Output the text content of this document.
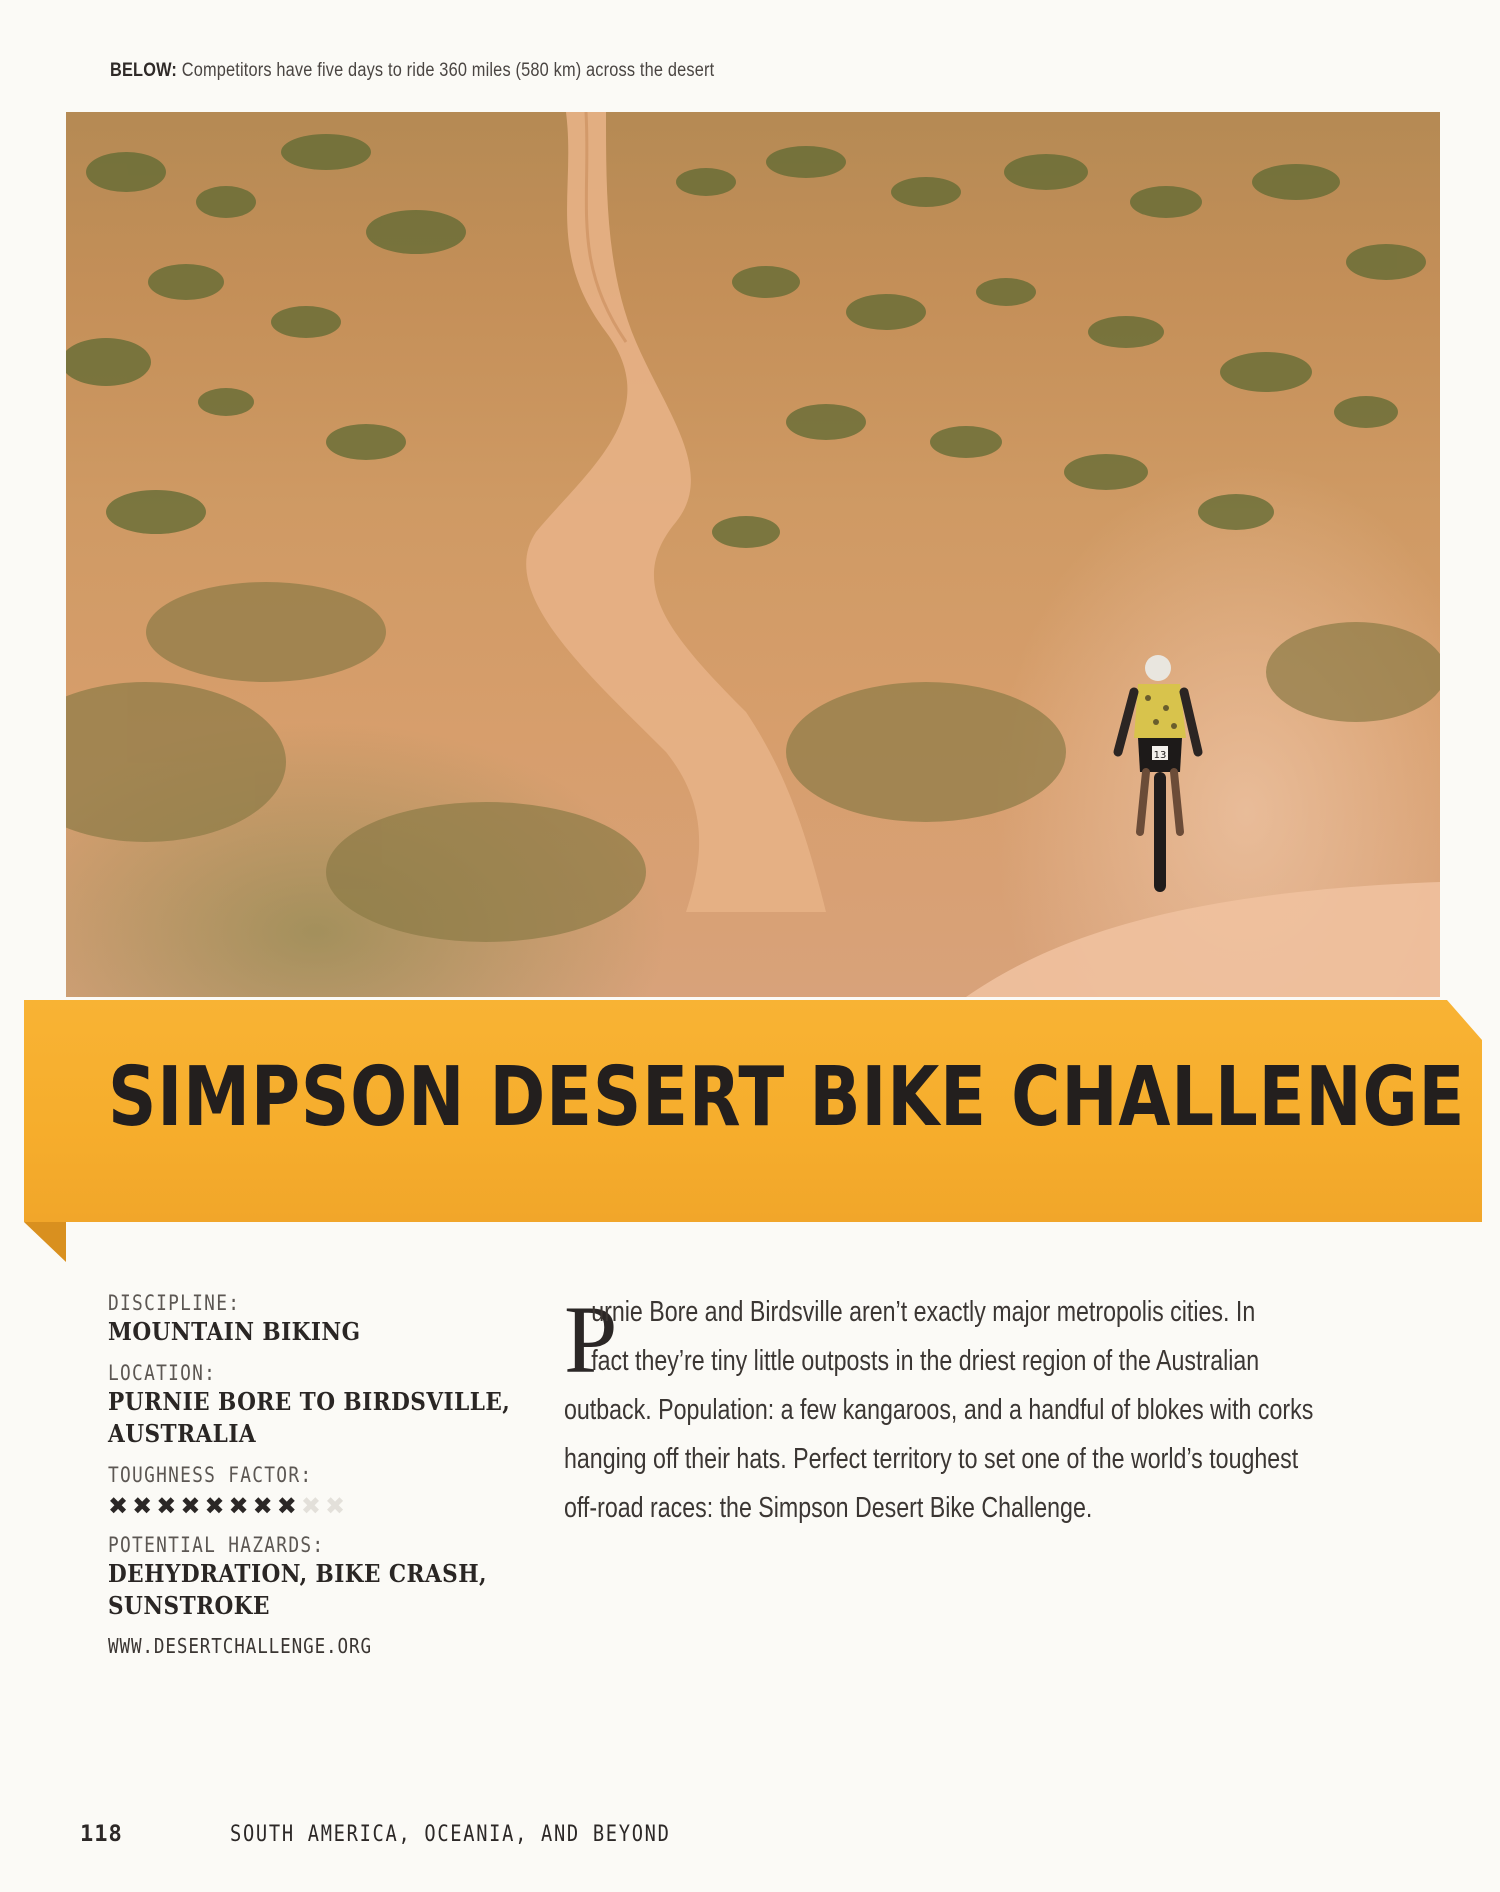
BELOW: Competitors have five days to ride 360 miles (580 km) across the desert
13
SIMPSON DESERT BIKE CHALLENGE
DISCIPLINE:
MOUNTAIN BIKING
LOCATION:
PURNIE BORE TO BIRDSVILLE,
AUSTRALIA
TOUGHNESS FACTOR:
✖ ✖ ✖ ✖ ✖ ✖ ✖ ✖ ✖ ✖
POTENTIAL HAZARDS:
DEHYDRATION, BIKE CRASH,
SUNSTROKE
WWW.DESERTCHALLENGE.ORG
P
urnie Bore and Birdsville aren’t exactly major metropolis cities. In
fact they’re tiny little outposts in the driest region of the Australian
outback. Population: a few kangaroos, and a handful of blokes with corks
hanging off their hats. Perfect territory to set one of the world’s toughest
off-road races: the Simpson Desert Bike Challenge.
118	SOUTH AMERICA, OCEANIA, AND BEYOND
